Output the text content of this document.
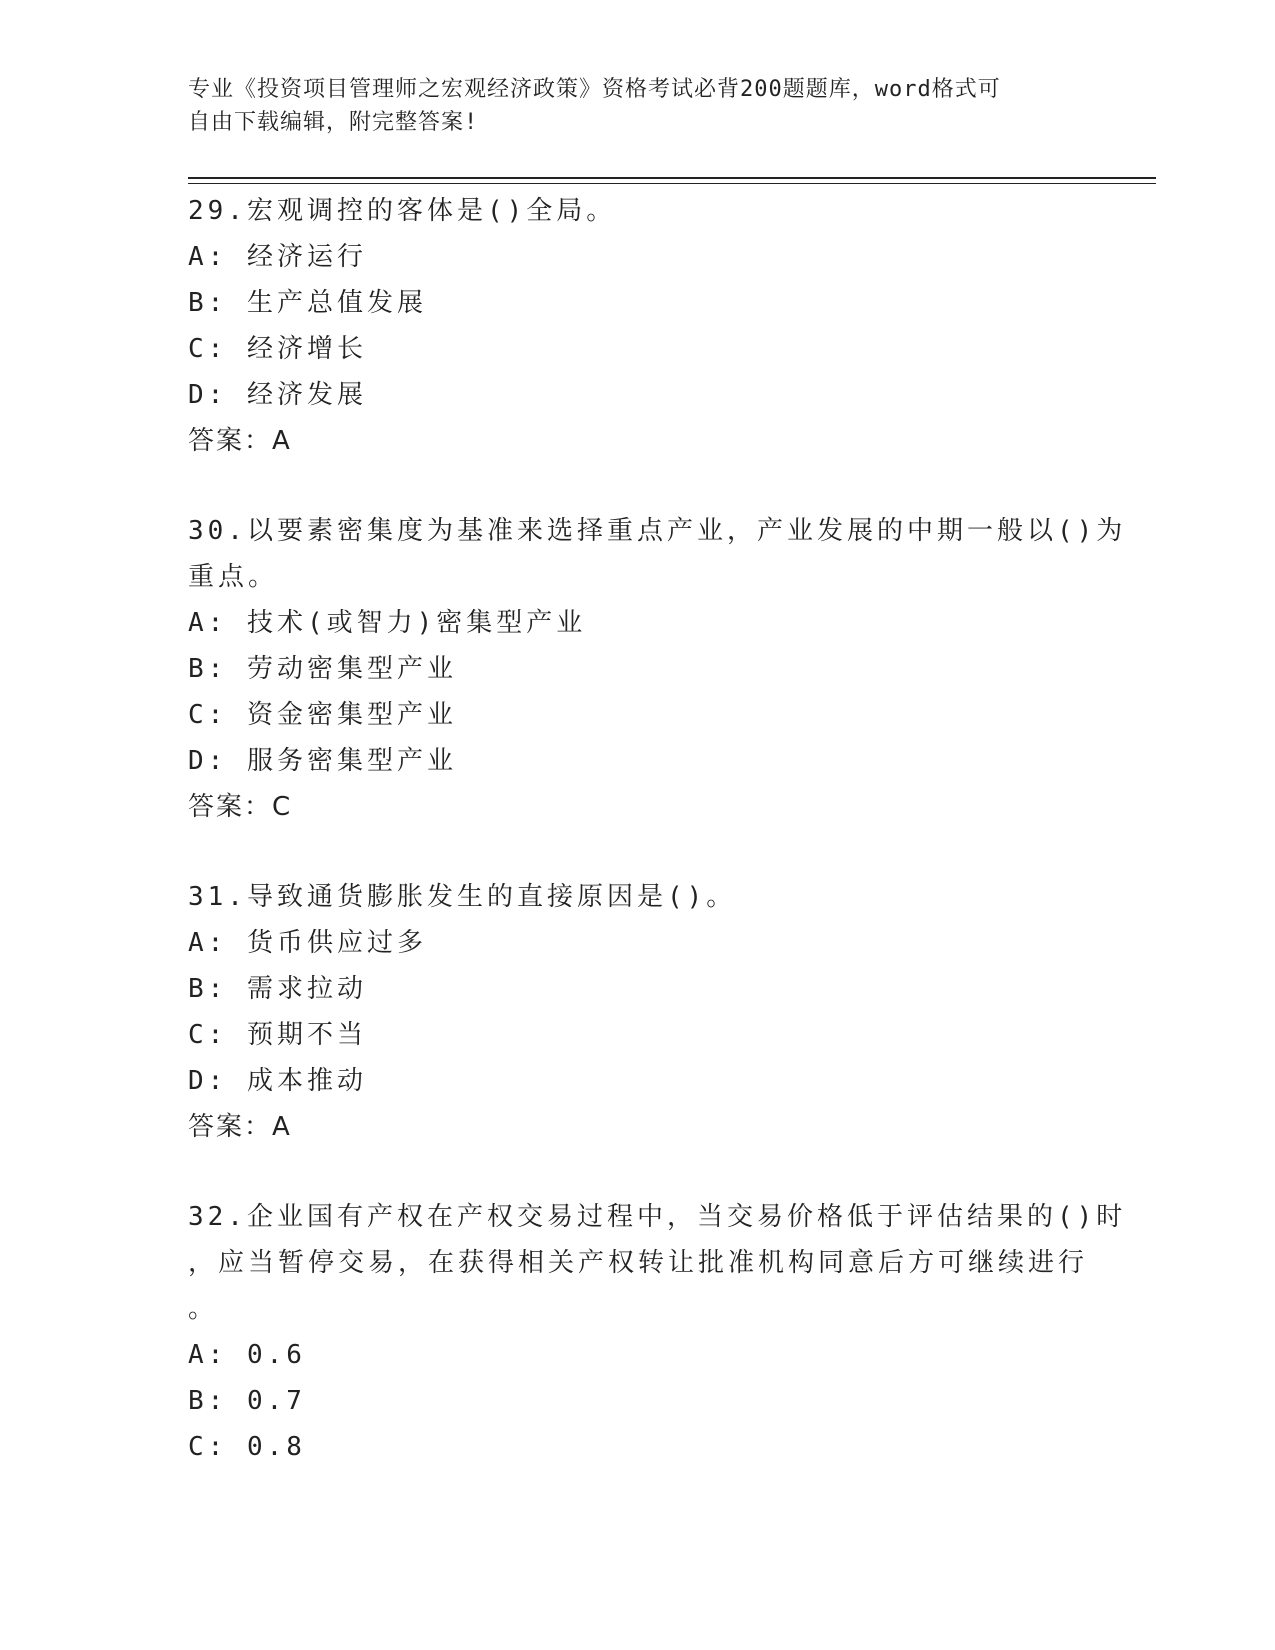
专业《投资项目管理师之宏观经济政策》资格考试必背200题题库，word格式可
自由下载编辑，附完整答案!

29.宏观调控的客体是()全局。

A: 经济运行

B: 生产总值发展

C: 经济增长

D: 经济发展

答案：A

30.以要素密集度为基准来选择重点产业，产业发展的中期一般以()为

重点。

A: 技术(或智力)密集型产业

B: 劳动密集型产业

C: 资金密集型产业

D: 服务密集型产业

答案：C

31.导致通货膨胀发生的直接原因是()。

A: 货币供应过多

B: 需求拉动

C: 预期不当

D: 成本推动

答案：A

32.企业国有产权在产权交易过程中，当交易价格低于评估结果的()时

，应当暂停交易，在获得相关产权转让批准机构同意后方可继续进行

。

A: 0.6

B: 0.7

C: 0.8
